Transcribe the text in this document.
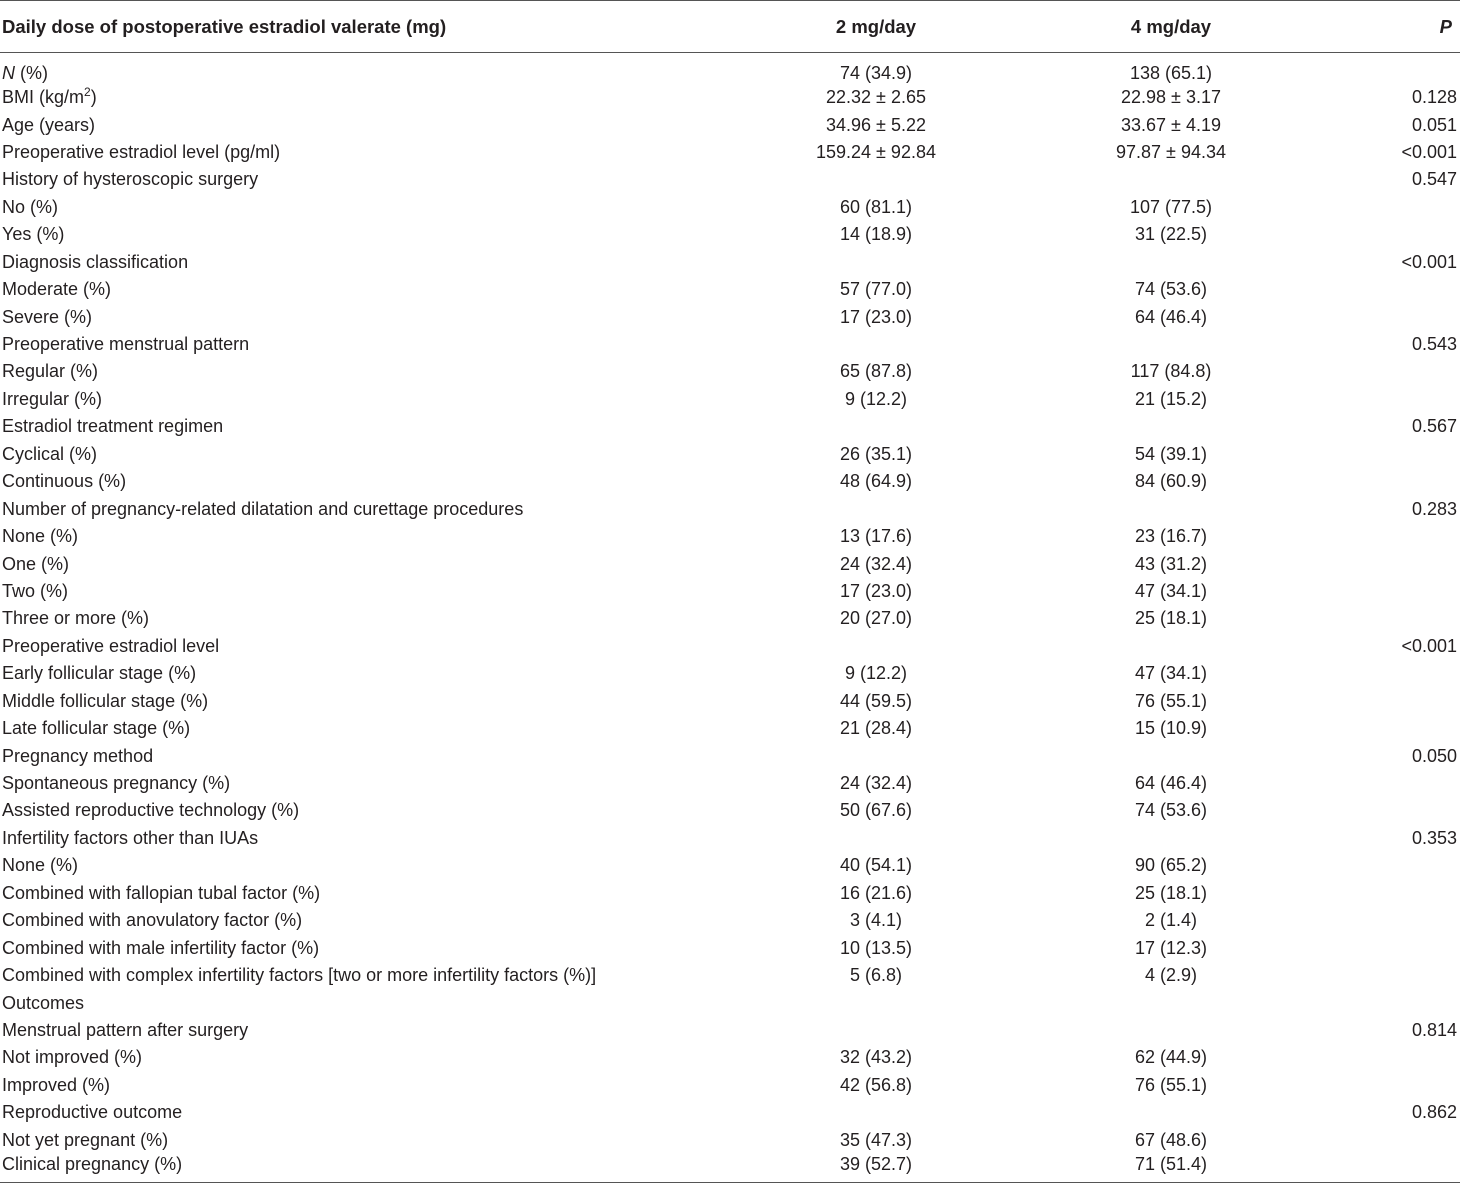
Daily dose of postoperative estradiol valerate (mg)	2 mg/day	4 mg/day	P
N (%)	74 (34.9)	138 (65.1)	
BMI $(kg/m^2)$	22.32 ± 2.65	22.98 ± 3.17	0.128
Age (years)	34.96 ± 5.22	33.67 ± 4.19	0.051
Preoperative estradiol level (pg/ml)	159.24 ± 92.84	97.87 ± 94.34	<0.001
History of hysteroscopic surgery			0.547
No (%)	60 (81.1)	107 (77.5)	
Yes (%)	14 (18.9)	31 (22.5)	
Diagnosis classification			<0.001
Moderate (%)	57 (77.0)	74 (53.6)	
Severe (%)	17 (23.0)	64 (46.4)	
Preoperative menstrual pattern			0.543
Regular (%)	65 (87.8)	117 (84.8)	
Irregular (%)	9 (12.2)	21 (15.2)	
Estradiol treatment regimen			0.567
Cyclical (%)	26 (35.1)	54 (39.1)	
Continuous (%)	48 (64.9)	84 (60.9)	
Number of pregnancy-related dilatation and curettage procedures			0.283
None (%)	13 (17.6)	23 (16.7)	
One (%)	24 (32.4)	43 (31.2)	
Two (%)	17 (23.0)	47 (34.1)	
Three or more (%)	20 (27.0)	25 (18.1)	
Preoperative estradiol level			<0.001
Early follicular stage (%)	9 (12.2)	47 (34.1)	
Middle follicular stage (%)	44 (59.5)	76 (55.1)	
Late follicular stage (%)	21 (28.4)	15 (10.9)	
Pregnancy method			0.050
Spontaneous pregnancy (%)	24 (32.4)	64 (46.4)	
Assisted reproductive technology (%)	50 (67.6)	74 (53.6)	
Infertility factors other than IUAs			0.353
None (%)	40 (54.1)	90 (65.2)	
Combined with fallopian tubal factor (%)	16 (21.6)	25 (18.1)	
Combined with anovulatory factor (%)	3 (4.1)	2 (1.4)	
Combined with male infertility factor (%)	10 (13.5)	17 (12.3)	
Combined with complex infertility factors [two or more infertility factors (%)]	5 (6.8)	4 (2.9)	
Outcomes			
Menstrual pattern after surgery			0.814
Not improved (%)	32 (43.2)	62 (44.9)	
Improved (%)	42 (56.8)	76 (55.1)	
Reproductive outcome			0.862
Not yet pregnant (%)	35 (47.3)	67 (48.6)	
Clinical pregnancy (%)	39 (52.7)	71 (51.4)	
